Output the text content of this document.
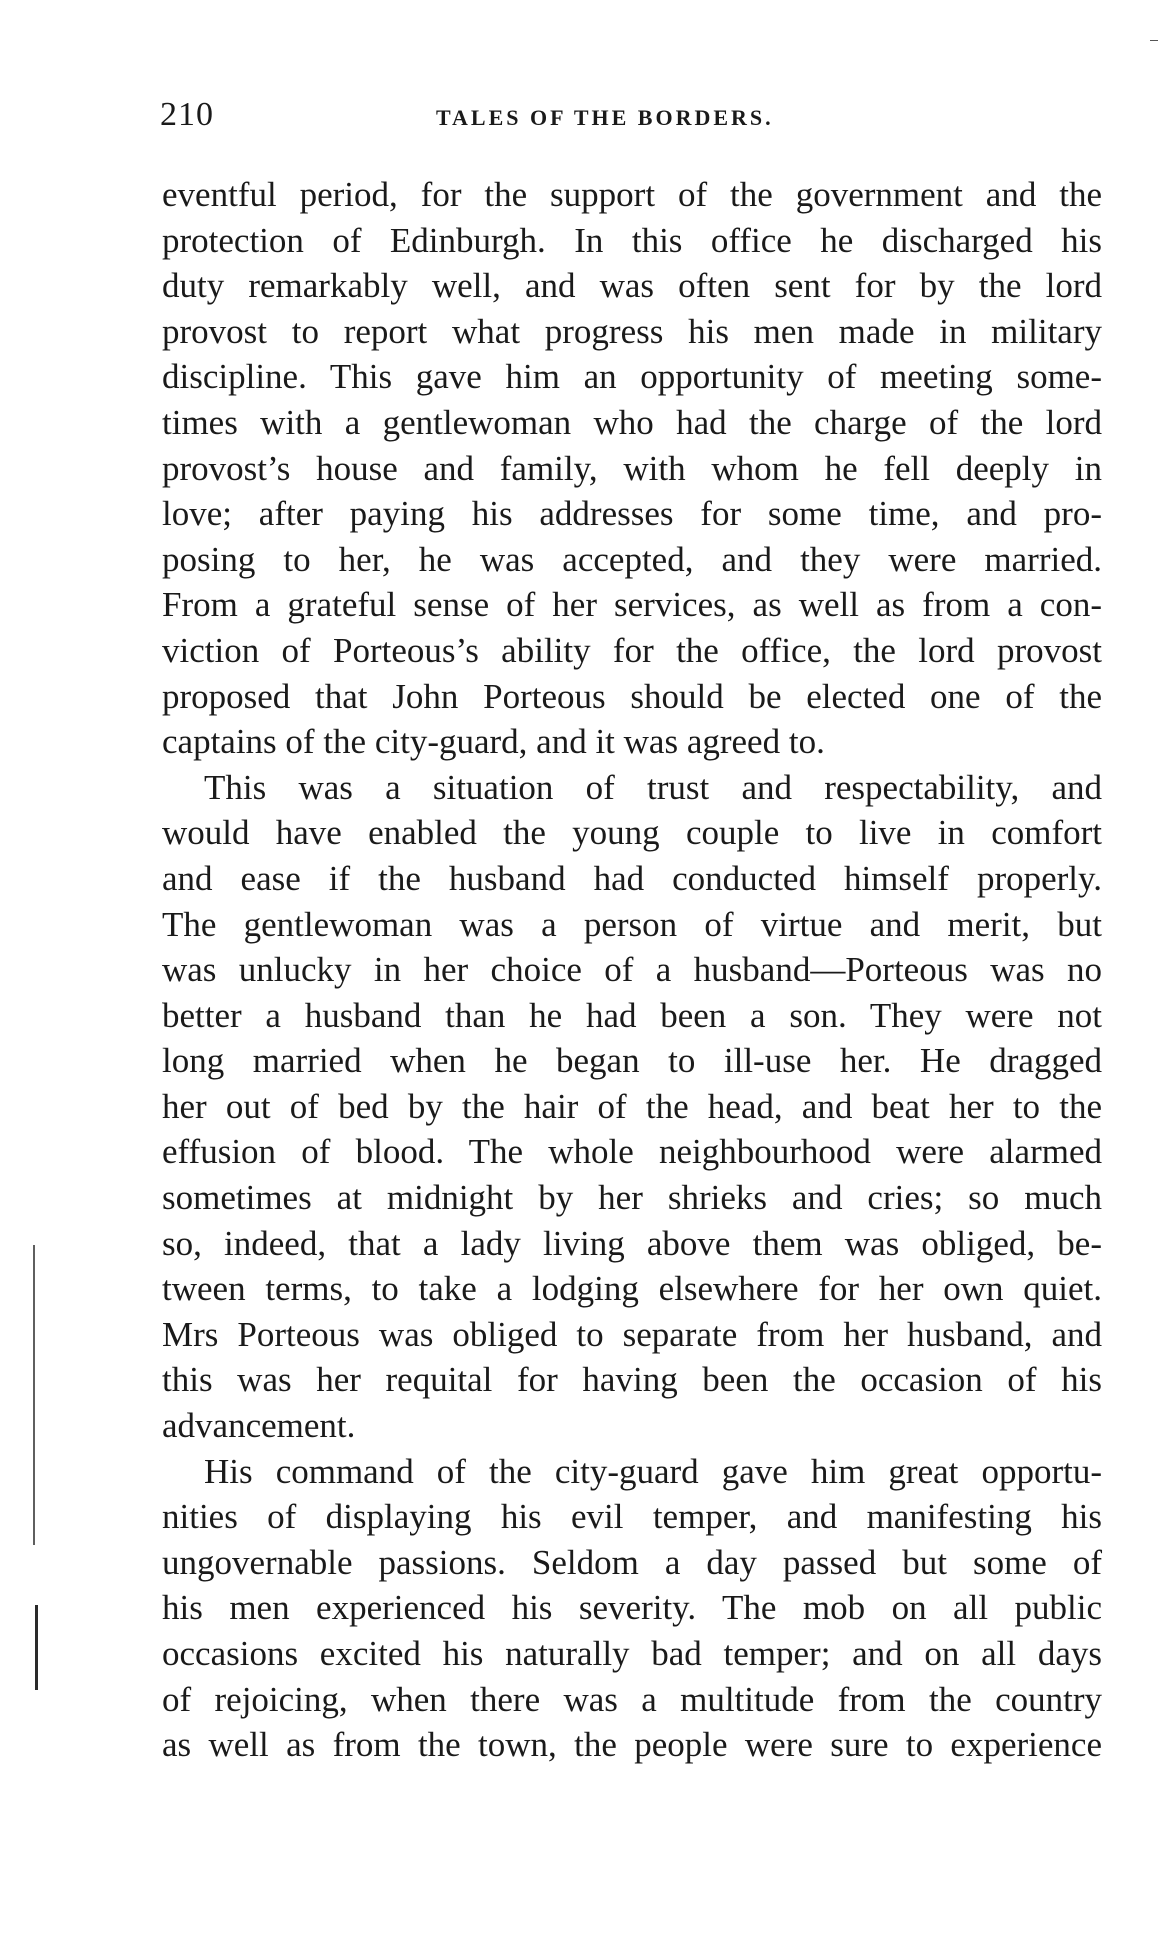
210	TALES OF THE BORDERS.

eventful period, for the support of the government and the
protection of Edinburgh. In this office he discharged his
duty remarkably well, and was often sent for by the lord
provost to report what progress his men made in military
discipline. This gave him an opportunity of meeting some-
times with a gentlewoman who had the charge of the lord
provost’s house and family, with whom he fell deeply in
love; after paying his addresses for some time, and pro-
posing to her, he was accepted, and they were married.
From a grateful sense of her services, as well as from a con-
viction of Porteous’s ability for the office, the lord provost
proposed that John Porteous should be elected one of the
captains of the city-guard, and it was agreed to.

This was a situation of trust and respectability, and
would have enabled the young couple to live in comfort
and ease if the husband had conducted himself properly.
The gentlewoman was a person of virtue and merit, but
was unlucky in her choice of a husband—Porteous was no
better a husband than he had been a son. They were not
long married when he began to ill-use her. He dragged
her out of bed by the hair of the head, and beat her to the
effusion of blood. The whole neighbourhood were alarmed
sometimes at midnight by her shrieks and cries; so much
so, indeed, that a lady living above them was obliged, be-
tween terms, to take a lodging elsewhere for her own quiet.
Mrs Porteous was obliged to separate from her husband, and
this was her requital for having been the occasion of his
advancement.

His command of the city-guard gave him great opportu-
nities of displaying his evil temper, and manifesting his
ungovernable passions. Seldom a day passed but some of
his men experienced his severity. The mob on all public
occasions excited his naturally bad temper; and on all days
of rejoicing, when there was a multitude from the country
as well as from the town, the people were sure to experience
